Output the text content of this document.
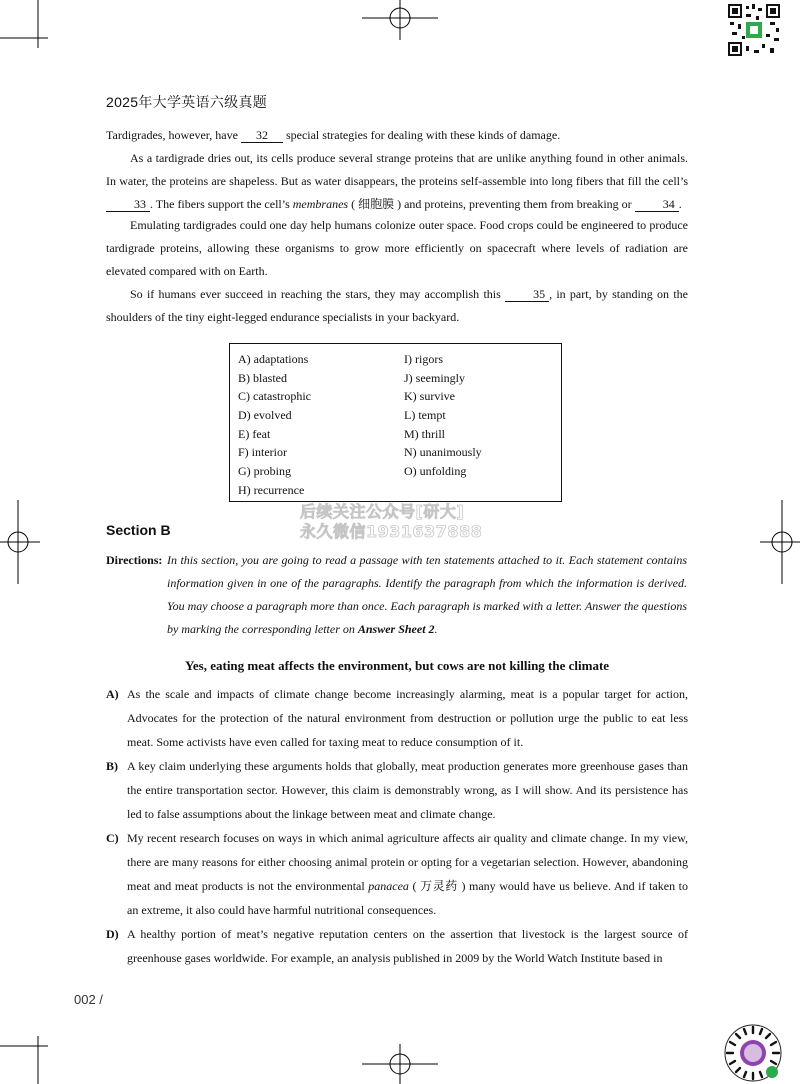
2025年大学英语六级真题
Tardigrades, however, have 32 special strategies for dealing with these kinds of damage.
As a tardigrade dries out, its cells produce several strange proteins that are unlike anything found in other animals. In water, the proteins are shapeless. But as water disappears, the proteins self-assemble into long fibers that fill the cell’s 33 . The fibers support the cell’s membranes ( 细胞膜 ) and proteins, preventing them from breaking or 34 .
Emulating tardigrades could one day help humans colonize outer space. Food crops could be engineered to produce tardigrade proteins, allowing these organisms to grow more efficiently on spacecraft where levels of radiation are elevated compared with on Earth.
So if humans ever succeed in reaching the stars, they may accomplish this 35 , in part, by standing on the shoulders of the tiny eight-legged endurance specialists in your backyard.
A) adaptations
B) blasted
C) catastrophic
D) evolved
E) feat
F) interior
G) probing
H) recurrence
I) rigors
J) seemingly
K) survive
L) tempt
M) thrill
N) unanimously
O) unfolding
后续关注公众号[研大]
永久微信1931637888
Section B
Directions: In this section, you are going to read a passage with ten statements attached to it. Each statement contains information given in one of the paragraphs. Identify the paragraph from which the information is derived. You may choose a paragraph more than once. Each paragraph is marked with a letter. Answer the questions by marking the corresponding letter on Answer Sheet 2.
Yes, eating meat affects the environment, but cows are not killing the climate
A) As the scale and impacts of climate change become increasingly alarming, meat is a popular target for action, Advocates for the protection of the natural environment from destruction or pollution urge the public to eat less meat. Some activists have even called for taxing meat to reduce consumption of it.
B) A key claim underlying these arguments holds that globally, meat production generates more greenhouse gases than the entire transportation sector. However, this claim is demonstrably wrong, as I will show. And its persistence has led to false assumptions about the linkage between meat and climate change.
C) My recent research focuses on ways in which animal agriculture affects air quality and climate change. In my view, there are many reasons for either choosing animal protein or opting for a vegetarian selection. However, abandoning meat and meat products is not the environmental panacea ( 万灵药 ) many would have us believe. And if taken to an extreme, it also could have harmful nutritional consequences.
D) A healthy portion of meat’s negative reputation centers on the assertion that livestock is the largest source of greenhouse gases worldwide. For example, an analysis published in 2009 by the World Watch Institute based in
002 /
